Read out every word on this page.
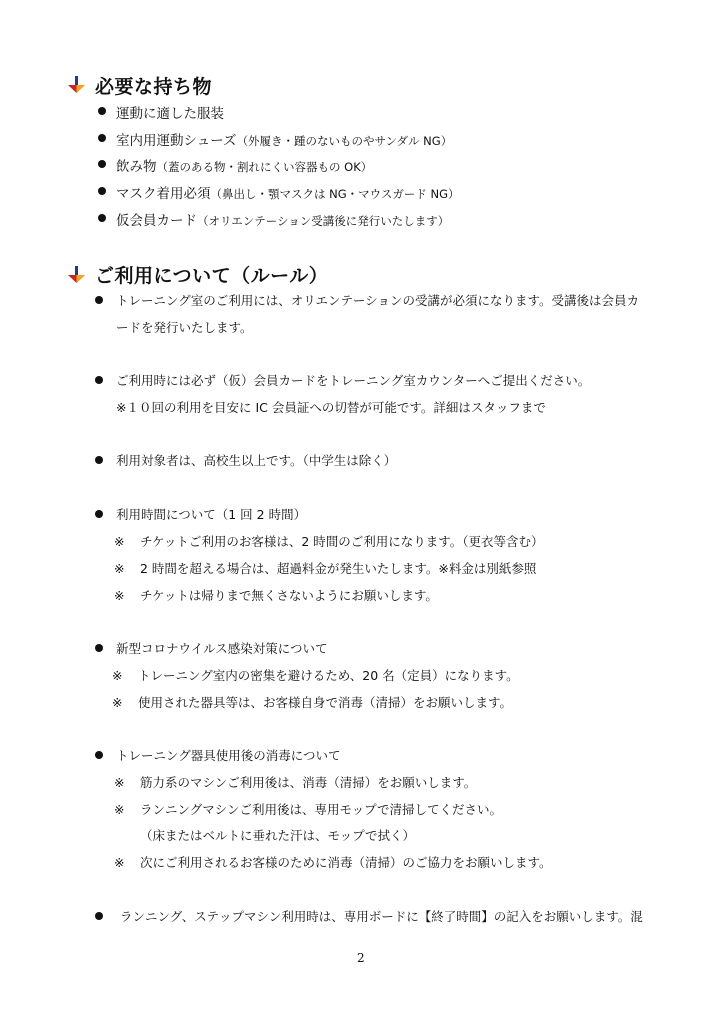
必要な持ち物
運動に適した服装
室内用運動シューズ（外履き・踵のないものやサンダル NG）
飲み物（蓋のある物・割れにくい容器もの OK）
マスク着用必須（鼻出し・顎マスクは NG・マウスガード NG）
仮会員カード（オリエンテーション受講後に発行いたします）
ご利用について（ルール）
トレーニング室のご利用には、オリエンテーションの受講が必須になります。受講後は会員カ
ードを発行いたします。
ご利用時には必ず（仮）会員カードをトレーニング室カウンターへご提出ください。
※１０回の利用を目安に IC 会員証への切替が可能です。詳細はスタッフまで
利用対象者は、高校生以上です。（中学生は除く）
利用時間について（1 回 2 時間）
※ チケットご利用のお客様は、2 時間のご利用になります。（更衣等含む）
※ 2 時間を超える場合は、超過料金が発生いたします。※料金は別紙参照
※ チケットは帰りまで無くさないようにお願いします。
新型コロナウイルス感染対策について
※ トレーニング室内の密集を避けるため、20 名（定員）になります。
※ 使用された器具等は、お客様自身で消毒（清掃）をお願いします。
トレーニング器具使用後の消毒について
※ 筋力系のマシンご利用後は、消毒（清掃）をお願いします。
※ ランニングマシンご利用後は、専用モップで清掃してください。
（床またはベルトに垂れた汗は、モップで拭く）
※ 次にご利用されるお客様のために消毒（清掃）のご協力をお願いします。
ランニング、ステップマシン利用時は、専用ボードに【終了時間】の記入をお願いします。混
2
